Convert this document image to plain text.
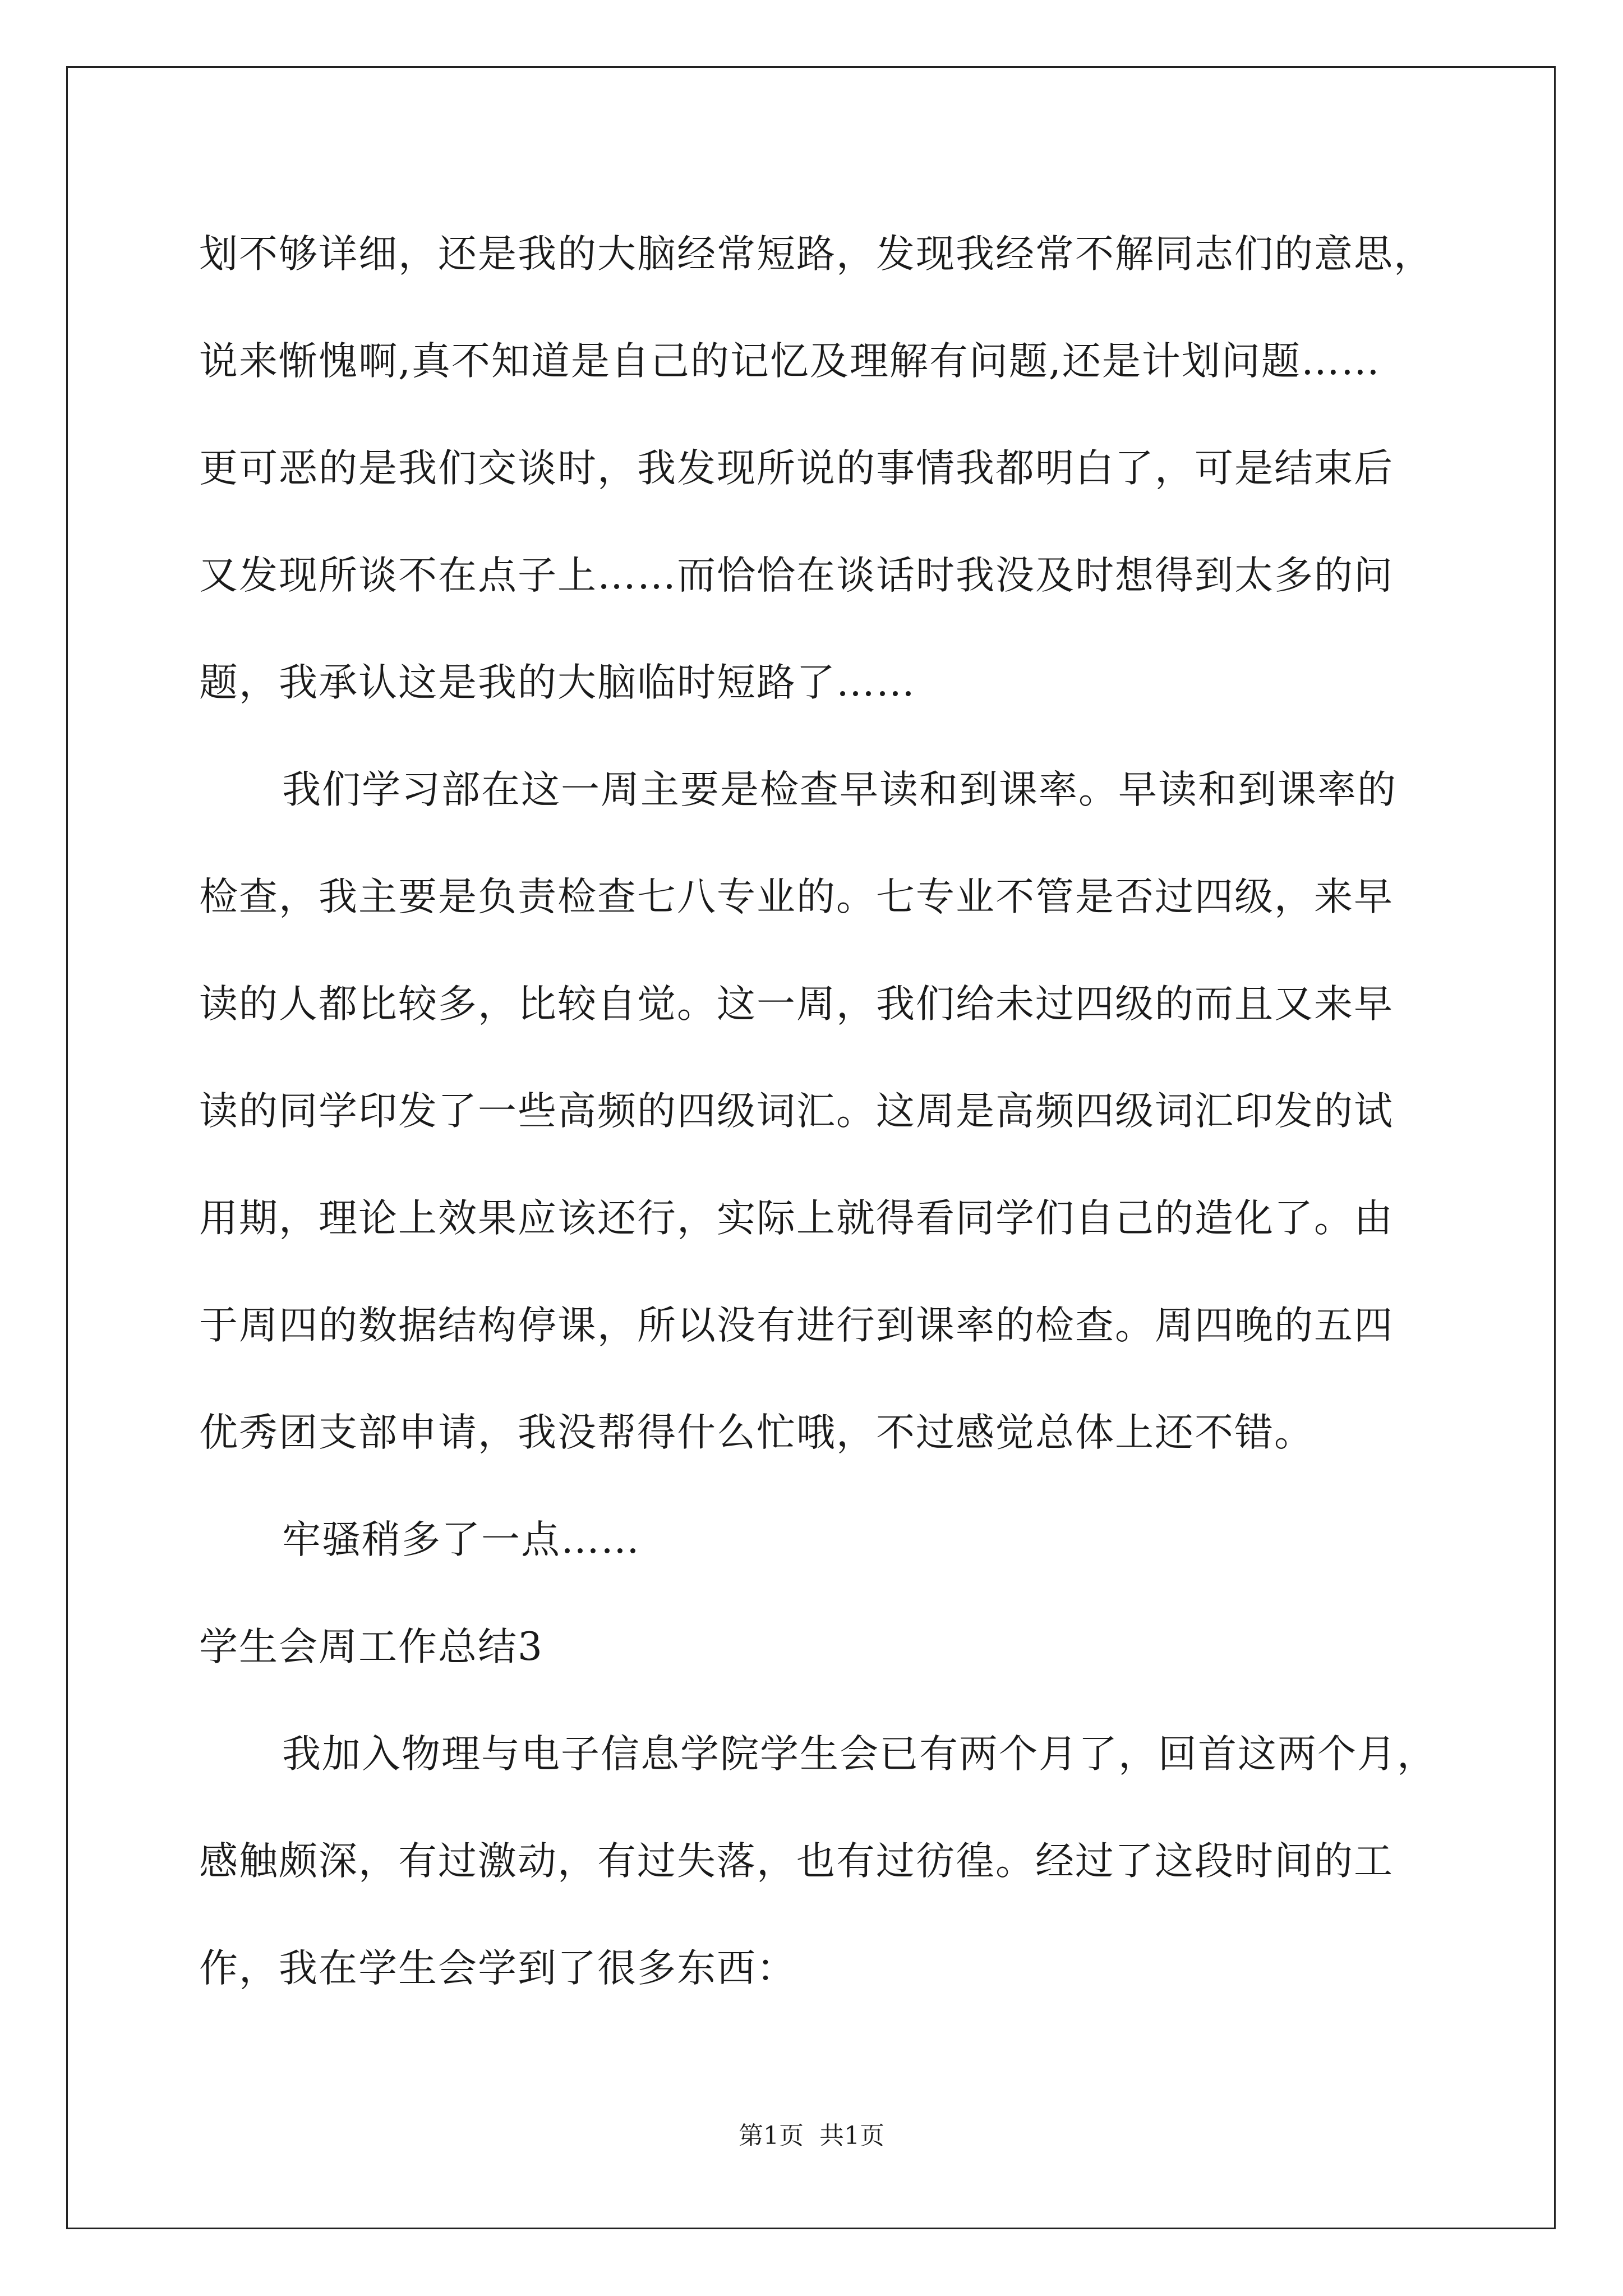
划不够详细，还是我的大脑经常短路，发现我经常不解同志们的意思，
说来惭愧啊,真不知道是自己的记忆及理解有问题,还是计划问题……
更可恶的是我们交谈时，我发现所说的事情我都明白了，可是结束后
又发现所谈不在点子上……而恰恰在谈话时我没及时想得到太多的问
题，我承认这是我的大脑临时短路了……
我们学习部在这一周主要是检查早读和到课率。早读和到课率的
检查，我主要是负责检查七八专业的。七专业不管是否过四级，来早
读的人都比较多，比较自觉。这一周，我们给未过四级的而且又来早
读的同学印发了一些高频的四级词汇。这周是高频四级词汇印发的试
用期，理论上效果应该还行，实际上就得看同学们自己的造化了。由
于周四的数据结构停课，所以没有进行到课率的检查。周四晚的五四
优秀团支部申请，我没帮得什么忙哦，不过感觉总体上还不错。
牢骚稍多了一点……
学生会周工作总结3
我加入物理与电子信息学院学生会已有两个月了，回首这两个月，
感触颇深，有过激动，有过失落，也有过彷徨。经过了这段时间的工
作，我在学生会学到了很多东西：
第1页 共1页
